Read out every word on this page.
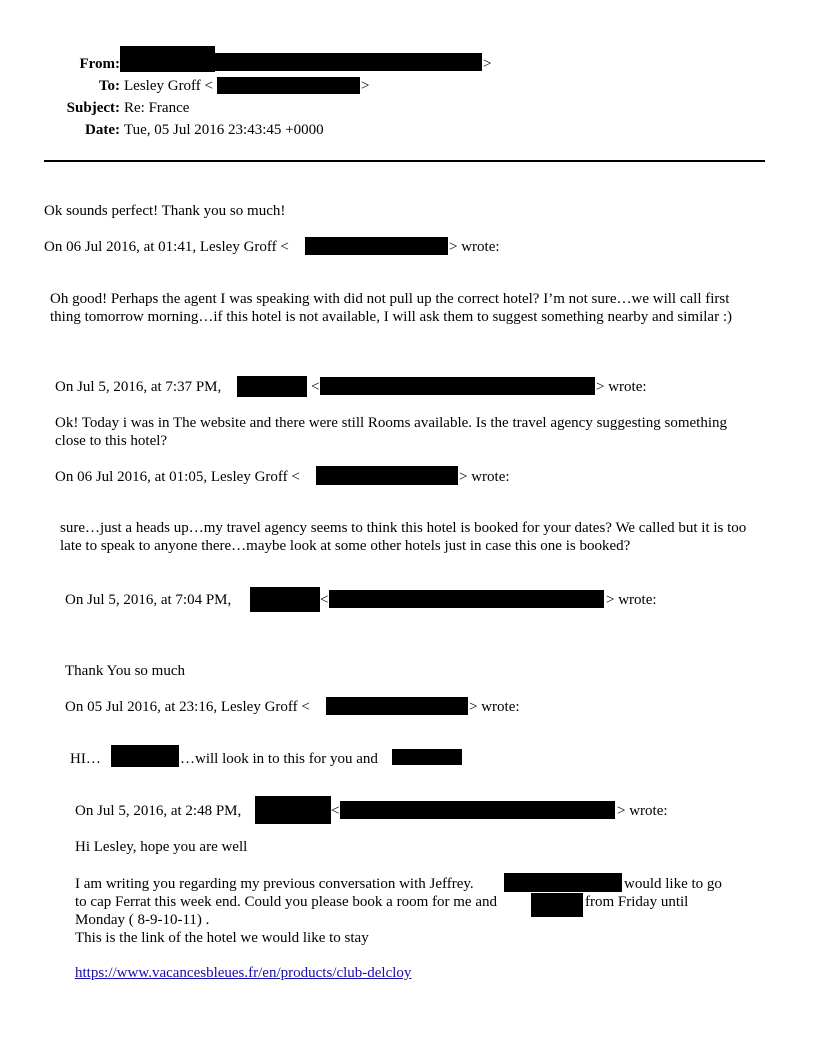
From:	>
To: Lesley Groff <	>
Subject: Re: France
Date: Tue, 05 Jul 2016 23:43:45 +0000
Ok sounds perfect! Thank you so much!
On 06 Jul 2016, at 01:41, Lesley Groff <	> wrote:
Oh good! Perhaps the agent I was speaking with did not pull up the correct hotel? I’m not sure…we will call first thing tomorrow morning…if this hotel is not available, I will ask them to suggest something nearby and similar :)
On Jul 5, 2016, at 7:37 PM,	<	> wrote:
Ok! Today i was in The website and there were still Rooms available. Is the travel agency suggesting something close to this hotel?
On 06 Jul 2016, at 01:05, Lesley Groff <	> wrote:
sure…just a heads up…my travel agency seems to think this hotel is booked for your dates? We called but it is too late to speak to anyone there…maybe look at some other hotels just in case this one is booked?
On Jul 5, 2016, at 7:04 PM,	<	> wrote:
Thank You so much
On 05 Jul 2016, at 23:16, Lesley Groff <	> wrote:
HI…	…will look in to this for you and
On Jul 5, 2016, at 2:48 PM,	<	> wrote:
Hi Lesley, hope you are well
I am writing you regarding my previous conversation with Jeffrey.	would like to go
to cap Ferrat this week end. Could you please book a room for me and	from Friday until
Monday ( 8-9-10-11) .
This is the link of the hotel we would like to stay
https://www.vacancesbleues.fr/en/products/club-delcloy
